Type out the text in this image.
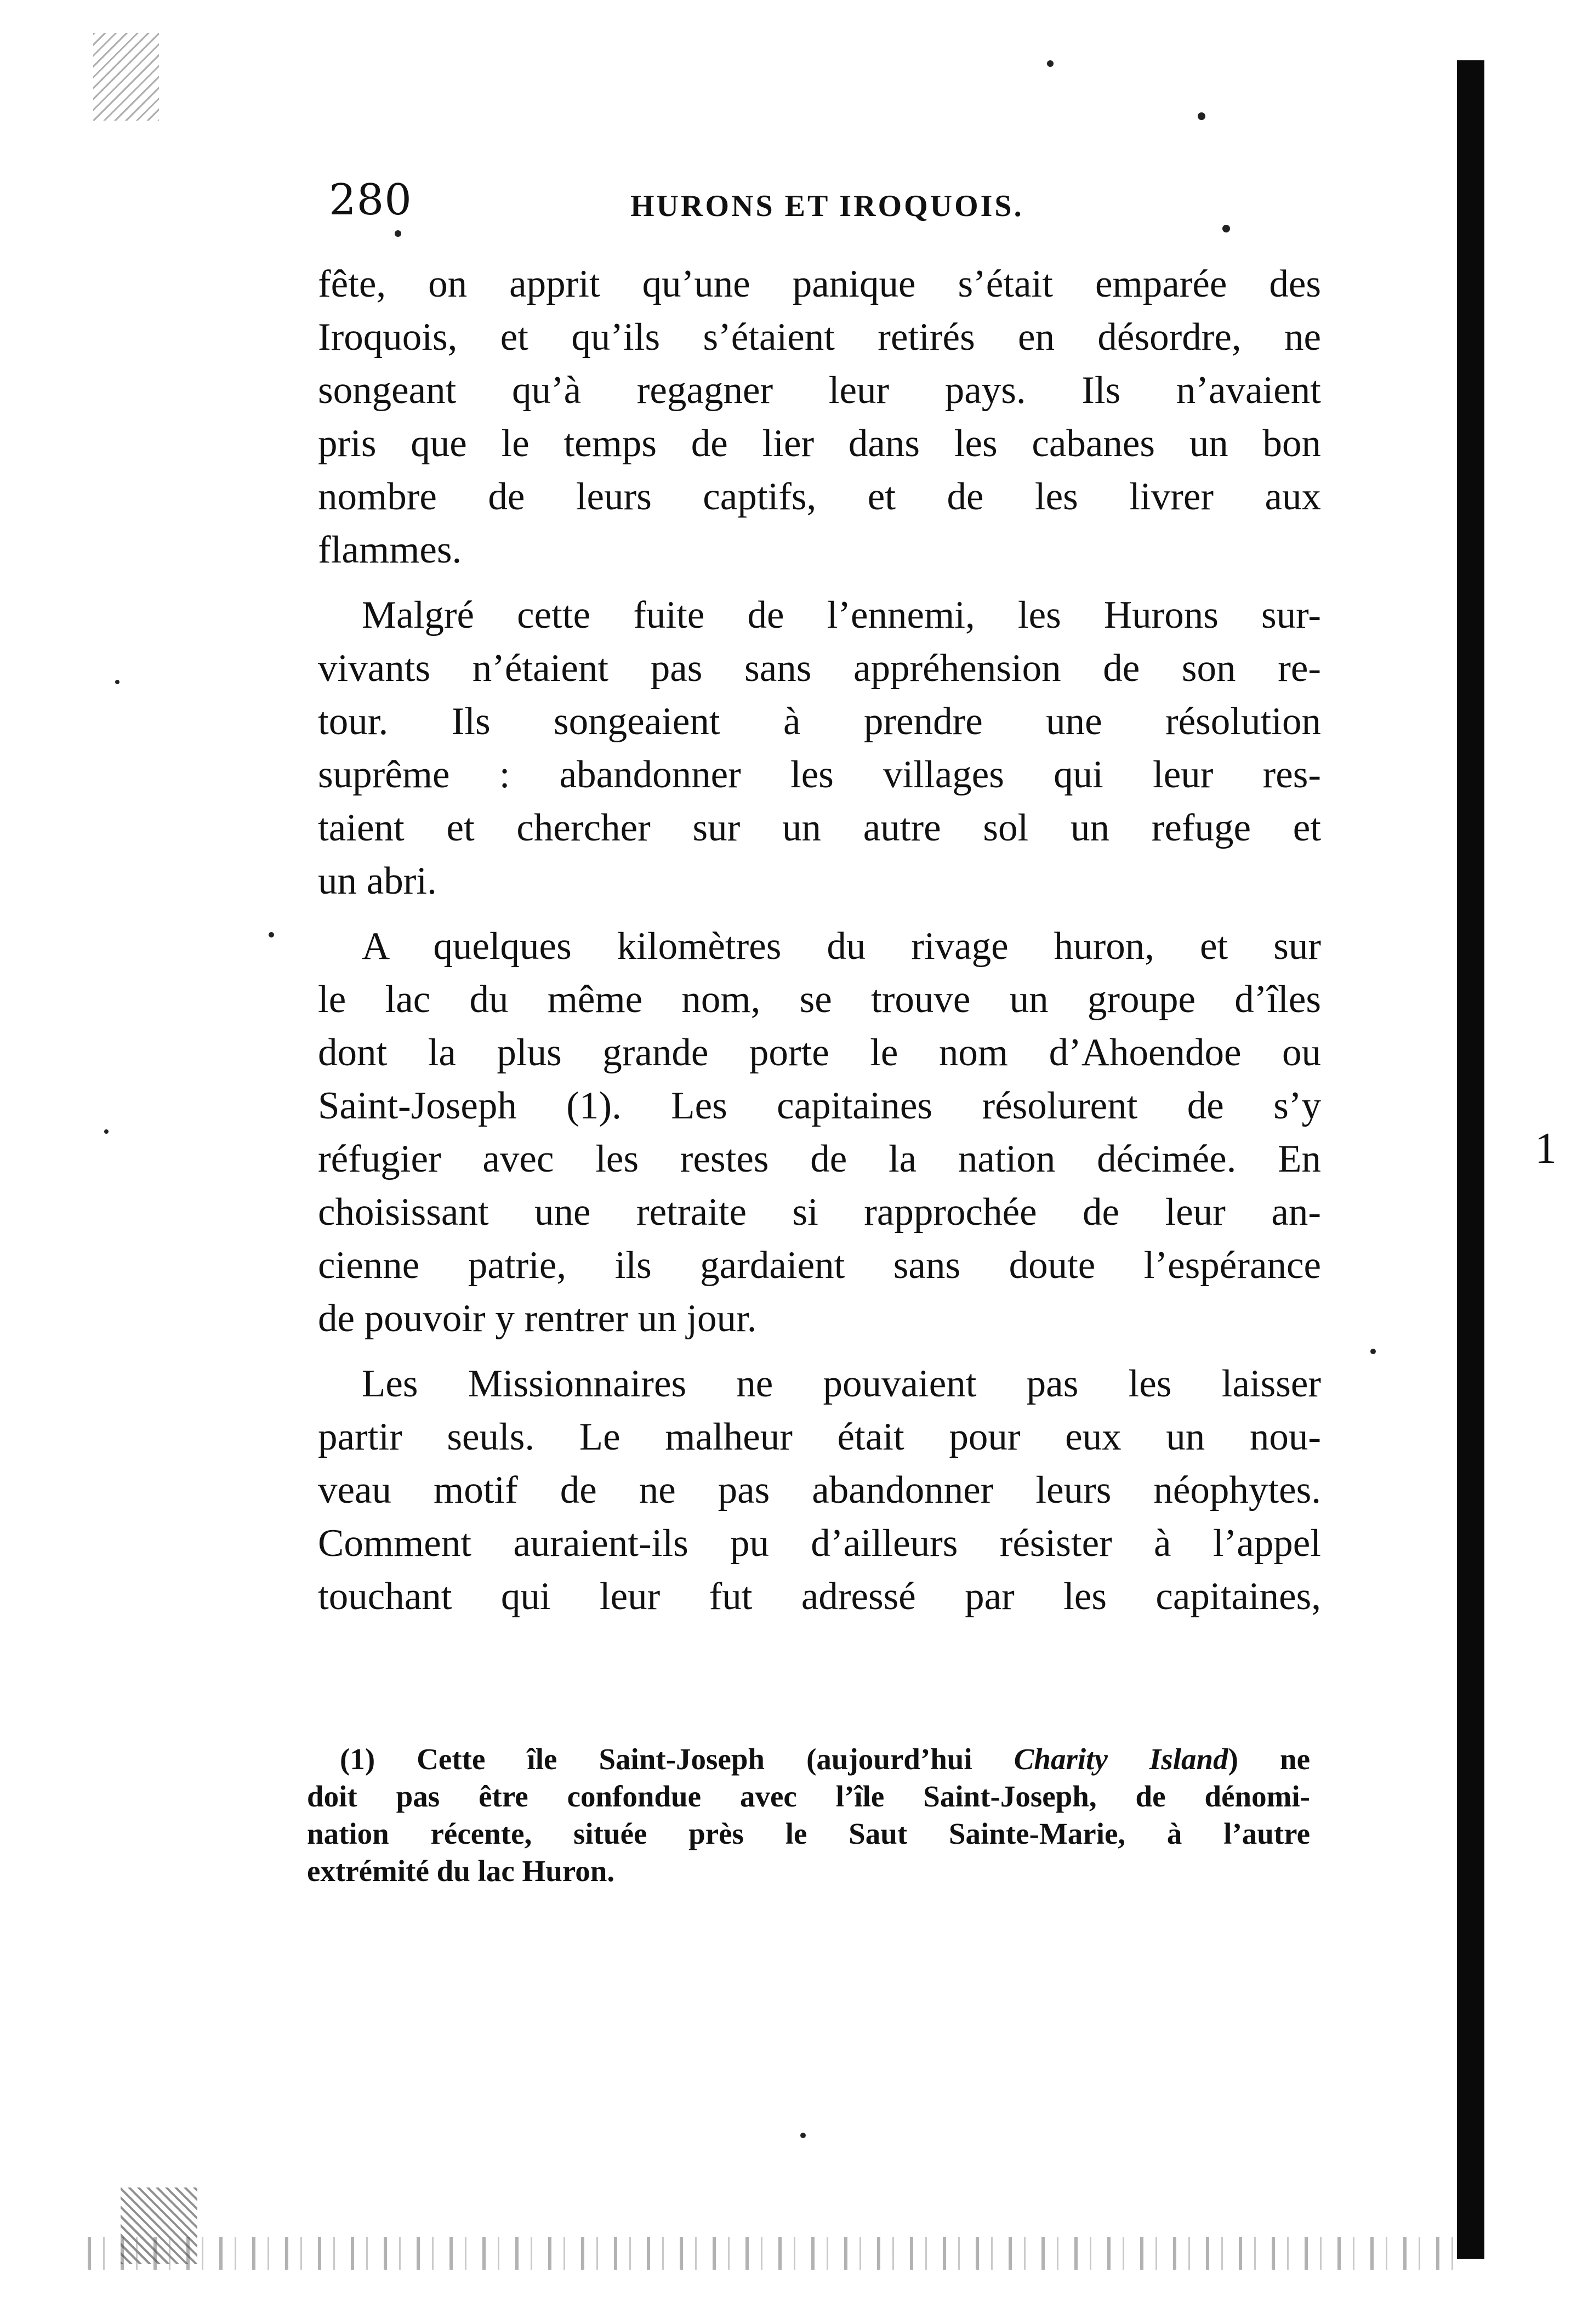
280	HURONS ET IROQUOIS.
fête, on apprit qu’une panique s’était emparée des
Iroquois, et qu’ils s’étaient retirés en désordre, ne
songeant qu’à regagner leur pays. Ils n’avaient
pris que le temps de lier dans les cabanes un bon
nombre de leurs captifs, et de les livrer aux
flammes.
Malgré cette fuite de l’ennemi, les Hurons sur-
vivants n’étaient pas sans appréhension de son re-
tour. Ils songeaient à prendre une résolution
suprême : abandonner les villages qui leur res-
taient et chercher sur un autre sol un refuge et
un abri.
A quelques kilomètres du rivage huron, et sur
le lac du même nom, se trouve un groupe d’îles
dont la plus grande porte le nom d’Ahoendoe ou
Saint-Joseph (1). Les capitaines résolurent de s’y
réfugier avec les restes de la nation décimée. En
choisissant une retraite si rapprochée de leur an-
cienne patrie, ils gardaient sans doute l’espérance
de pouvoir y rentrer un jour.
Les Missionnaires ne pouvaient pas les laisser
partir seuls. Le malheur était pour eux un nou-
veau motif de ne pas abandonner leurs néophytes.
Comment auraient-ils pu d’ailleurs résister à l’appel
touchant qui leur fut adressé par les capitaines,
(1) Cette île Saint-Joseph (aujourd’hui Charity Island) ne
doit pas être confondue avec l’île Saint-Joseph, de dénomi-
nation récente, située près le Saut Sainte-Marie, à l’autre
extrémité du lac Huron.
1
